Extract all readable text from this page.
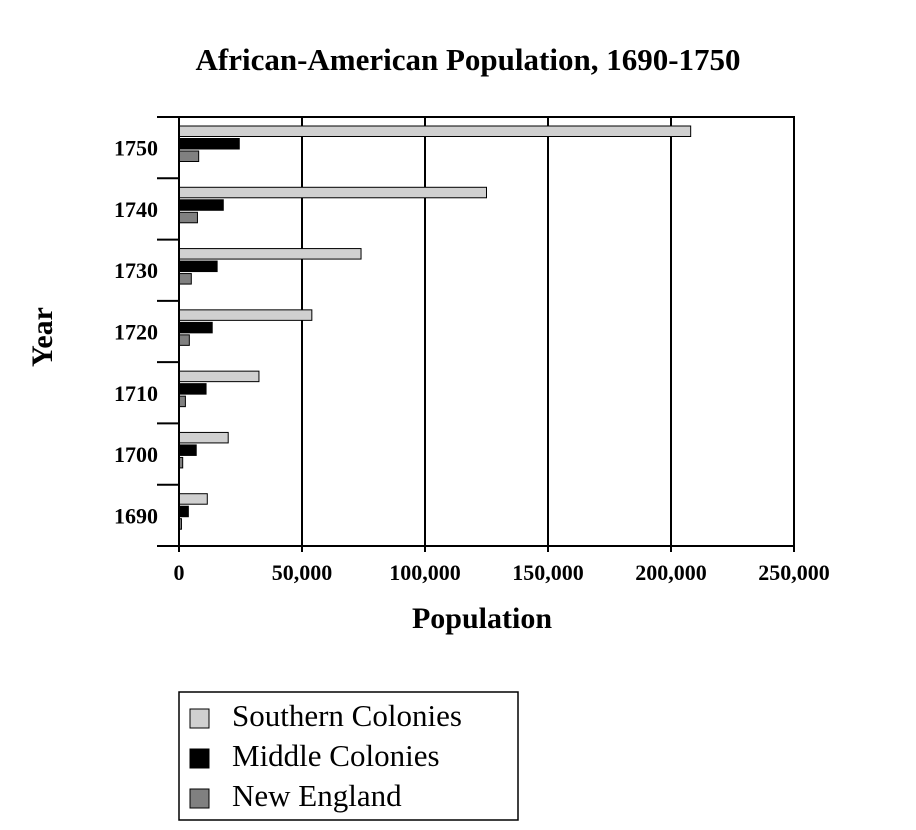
African-American Population, 1690-1750
1750
1740
1730
1720
1710
1700
1690
0	50,000	100,000 150,000 200,000 250,000
Population
Year
Southern Colonies
Middle Colonies
New England
